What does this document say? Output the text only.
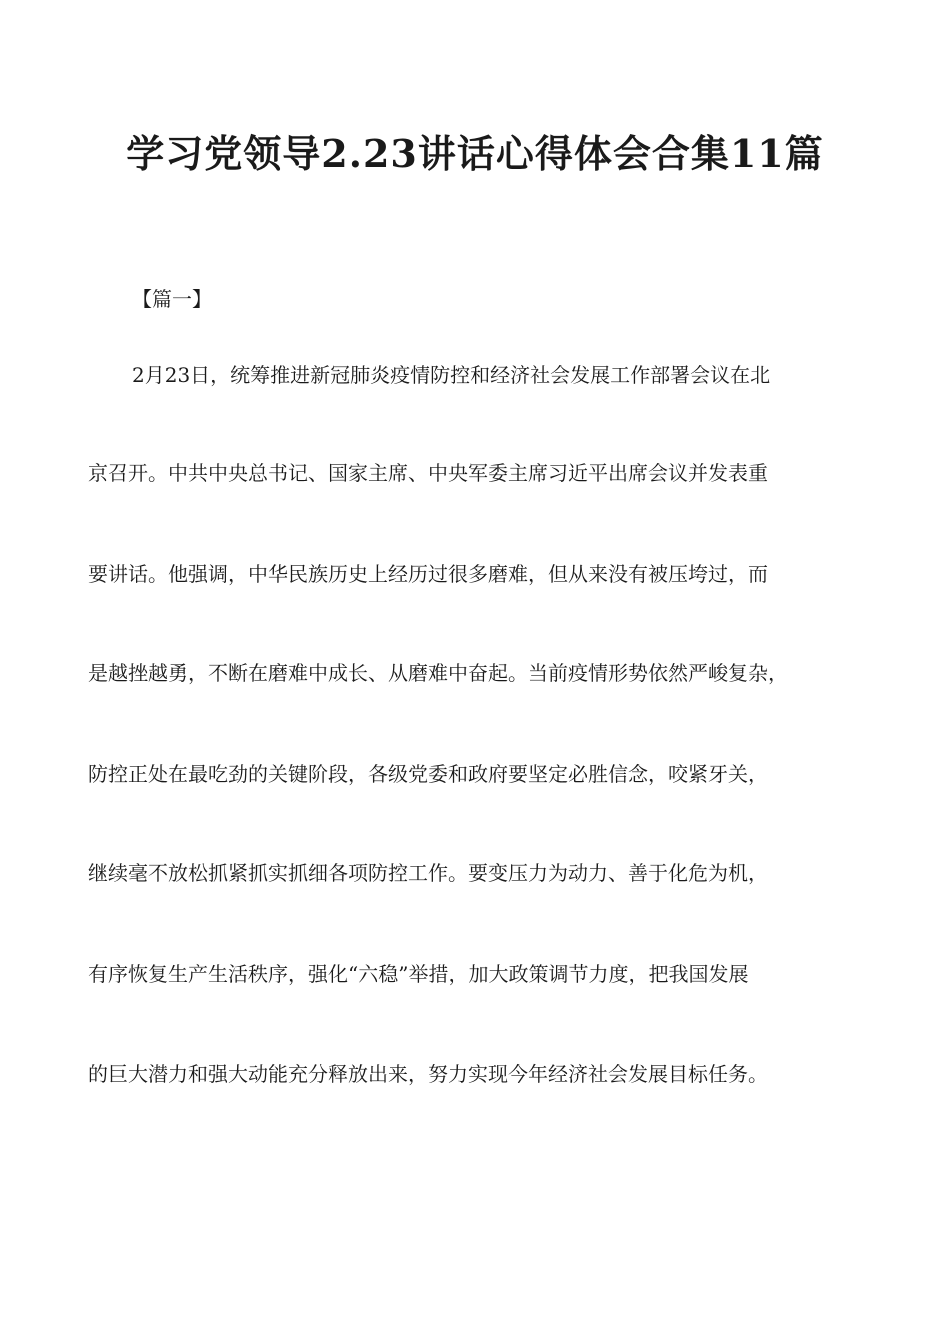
学习党领导2.23讲话心得体会合集11篇

【篇一】

2月23日，统筹推进新冠肺炎疫情防控和经济社会发展工作部署会议在北

京召开。中共中央总书记、国家主席、中央军委主席习近平出席会议并发表重

要讲话。他强调，中华民族历史上经历过很多磨难，但从来没有被压垮过，而

是越挫越勇，不断在磨难中成长、从磨难中奋起。当前疫情形势依然严峻复杂，

防控正处在最吃劲的关键阶段，各级党委和政府要坚定必胜信念，咬紧牙关，

继续毫不放松抓紧抓实抓细各项防控工作。要变压力为动力、善于化危为机，

有序恢复生产生活秩序，强化“六稳”举措，加大政策调节力度，把我国发展

的巨大潜力和强大动能充分释放出来，努力实现今年经济社会发展目标任务。
